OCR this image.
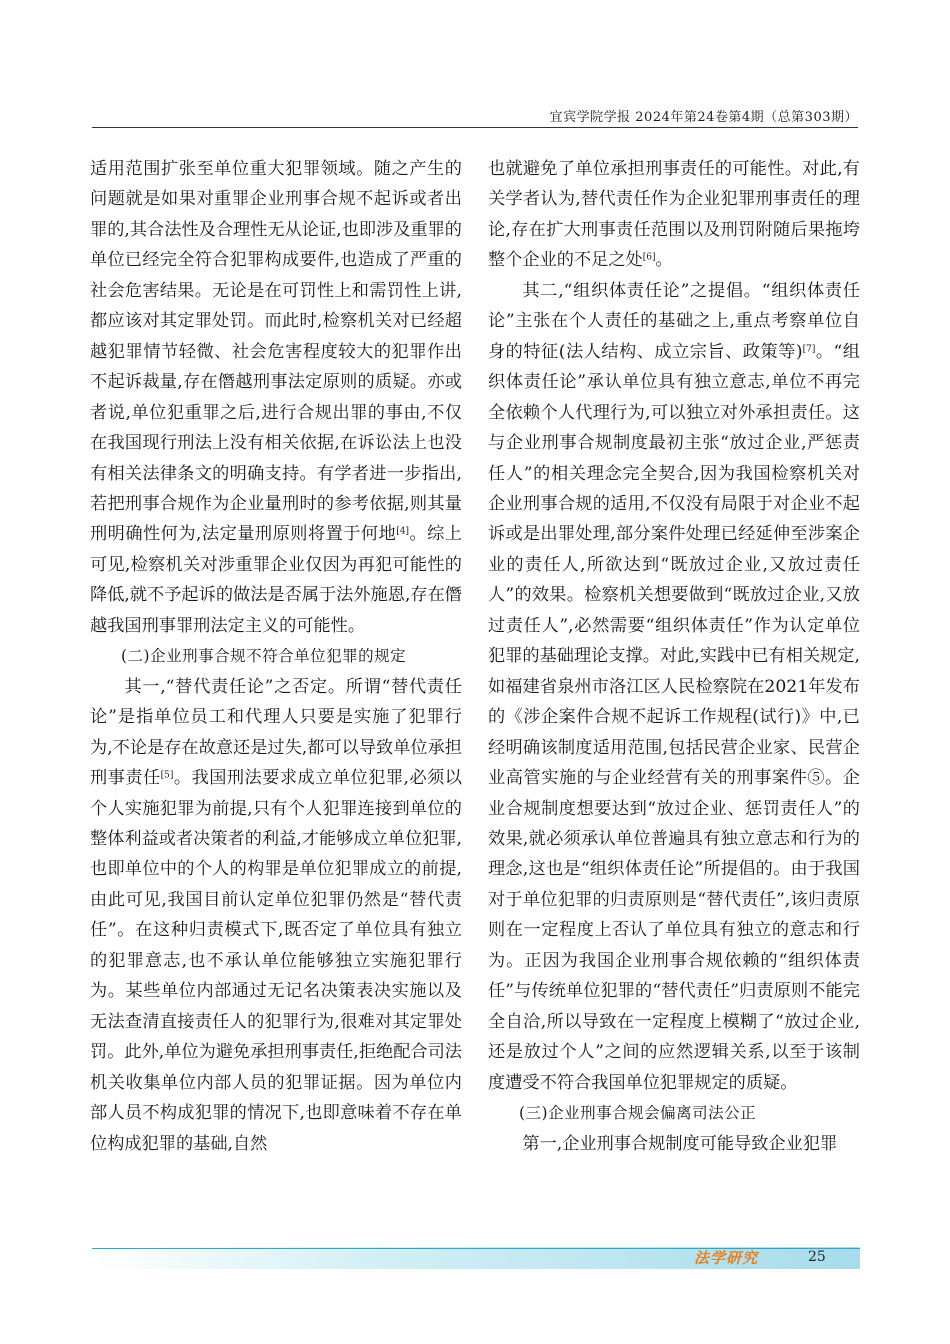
宜宾学院学报 2024年第24卷第4期（总第303期）

适用范围扩张至单位重大犯罪领域。随之产生的问题就是如果对重罪企业刑事合规不起诉或者出罪的,其合法性及合理性无从论证,也即涉及重罪的单位已经完全符合犯罪构成要件,也造成了严重的社会危害结果。无论是在可罚性上和需罚性上讲,都应该对其定罪处罚。而此时,检察机关对已经超越犯罪情节轻微、社会危害程度较大的犯罪作出不起诉裁量,存在僭越刑事法定原则的质疑。亦或者说,单位犯重罪之后,进行合规出罪的事由,不仅在我国现行刑法上没有相关依据,在诉讼法上也没有相关法律条文的明确支持。有学者进一步指出,若把刑事合规作为企业量刑时的参考依据,则其量刑明确性何为,法定量刑原则将置于何地[4]。综上可见,检察机关对涉重罪企业仅因为再犯可能性的降低,就不予起诉的做法是否属于法外施恩,存在僭越我国刑事罪刑法定主义的可能性。

(二)企业刑事合规不符合单位犯罪的规定

其一,“替代责任论”之否定。所谓“替代责任论”是指单位员工和代理人只要是实施了犯罪行为,不论是存在故意还是过失,都可以导致单位承担刑事责任[5]。我国刑法要求成立单位犯罪,必须以个人实施犯罪为前提,只有个人犯罪连接到单位的整体利益或者决策者的利益,才能够成立单位犯罪,也即单位中的个人的构罪是单位犯罪成立的前提,由此可见,我国目前认定单位犯罪仍然是“替代责任”。在这种归责模式下,既否定了单位具有独立的犯罪意志,也不承认单位能够独立实施犯罪行为。某些单位内部通过无记名决策表决实施以及无法查清直接责任人的犯罪行为,很难对其定罪处罚。此外,单位为避免承担刑事责任,拒绝配合司法机关收集单位内部人员的犯罪证据。因为单位内部人员不构成犯罪的情况下,也即意味着不存在单位构成犯罪的基础,自然

也就避免了单位承担刑事责任的可能性。对此,有关学者认为,替代责任作为企业犯罪刑事责任的理论,存在扩大刑事责任范围以及刑罚附随后果拖垮整个企业的不足之处[6]。

其二,“组织体责任论”之提倡。“组织体责任论”主张在个人责任的基础之上,重点考察单位自身的特征(法人结构、成立宗旨、政策等)[7]。“组织体责任论”承认单位具有独立意志,单位不再完全依赖个人代理行为,可以独立对外承担责任。这与企业刑事合规制度最初主张“放过企业,严惩责任人”的相关理念完全契合,因为我国检察机关对企业刑事合规的适用,不仅没有局限于对企业不起诉或是出罪处理,部分案件处理已经延伸至涉案企业的责任人,所欲达到“既放过企业,又放过责任人”的效果。检察机关想要做到“既放过企业,又放过责任人”,必然需要“组织体责任”作为认定单位犯罪的基础理论支撑。对此,实践中已有相关规定,如福建省泉州市洛江区人民检察院在2021年发布的《涉企案件合规不起诉工作规程(试行)》中,已经明确该制度适用范围,包括民营企业家、民营企业高管实施的与企业经营有关的刑事案件⑤。企业合规制度想要达到“放过企业、惩罚责任人”的效果,就必须承认单位普遍具有独立意志和行为的理念,这也是“组织体责任论”所提倡的。由于我国对于单位犯罪的归责原则是“替代责任”,该归责原则在一定程度上否认了单位具有独立的意志和行为。正因为我国企业刑事合规依赖的“组织体责任”与传统单位犯罪的“替代责任”归责原则不能完全自洽,所以导致在一定程度上模糊了“放过企业,还是放过个人”之间的应然逻辑关系,以至于该制度遭受不符合我国单位犯罪规定的质疑。

(三)企业刑事合规会偏离司法公正

第一,企业刑事合规制度可能导致企业犯罪

法学研究	25
